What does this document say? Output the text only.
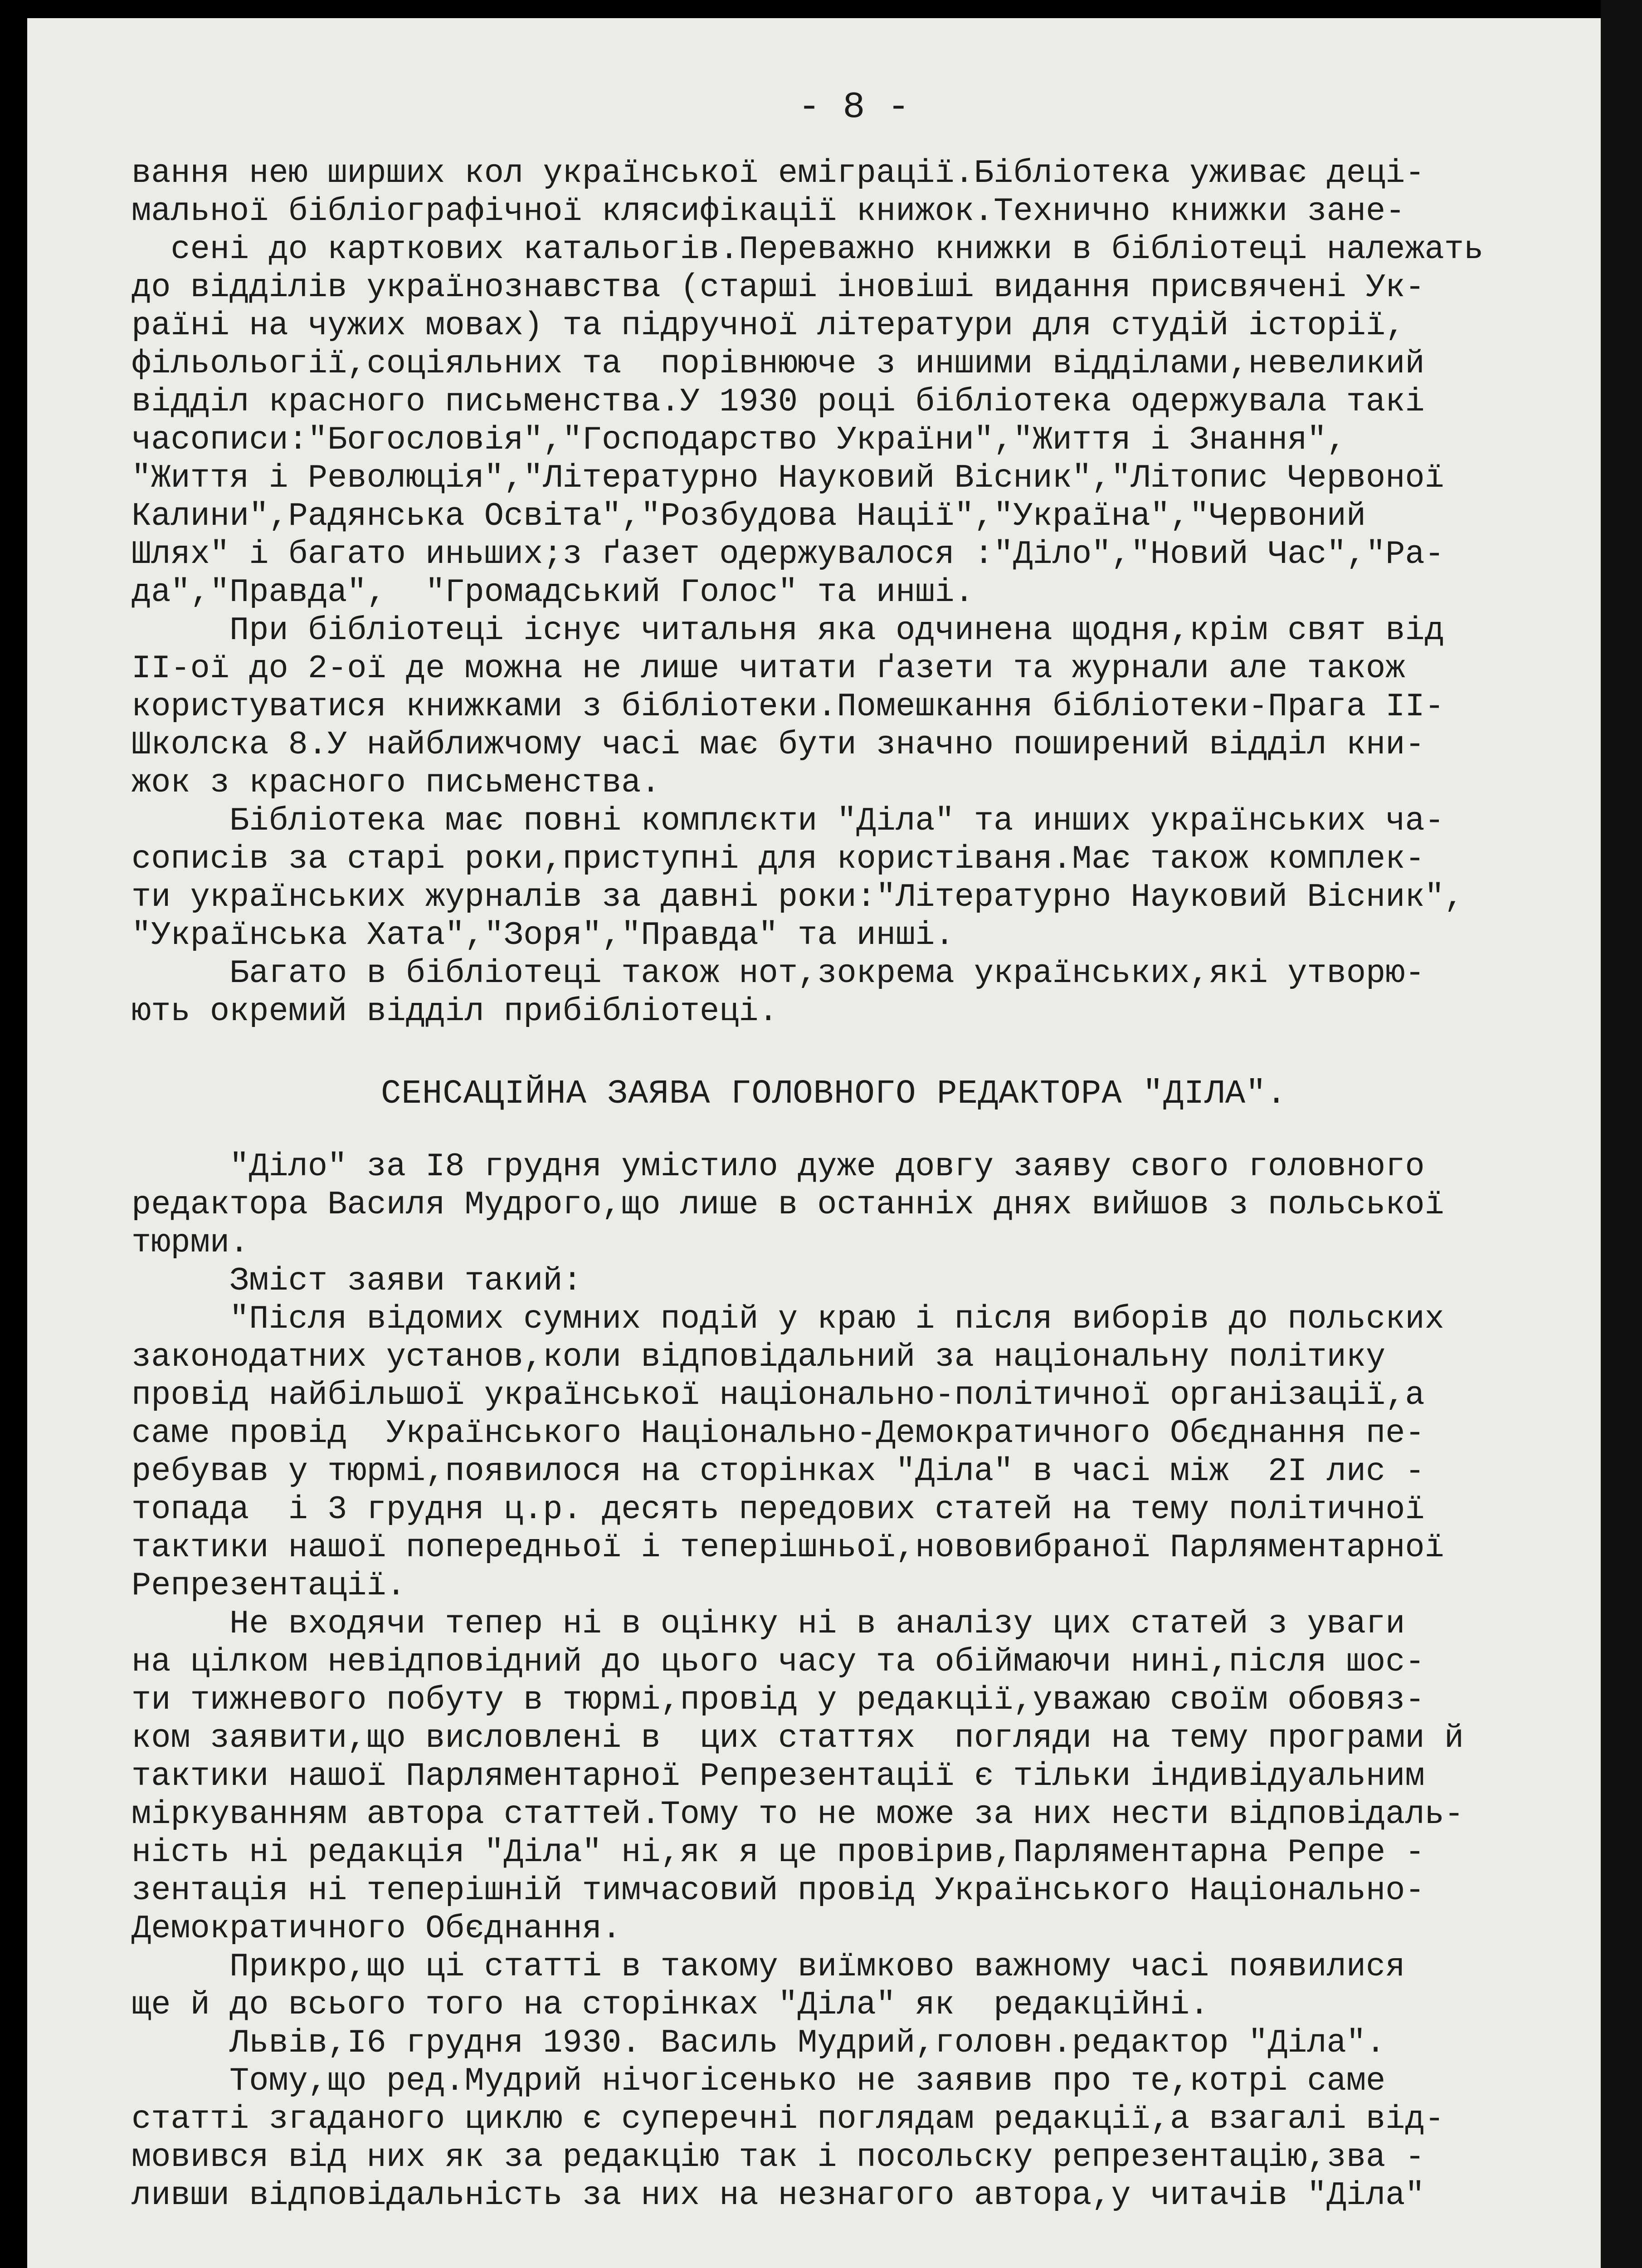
- 8 -
вання нею ширших кол української еміграції.Бібліотека уживає деці-
мальної бібліографічної клясифікації книжок.Технично книжки зане-
сені до карткових катальогів.Переважно книжки в бібліотеці належать
до відділів українознавства (старші іновіші видання присвячені Ук-
раїні на чужих мовах) та підручної літератури для студій історії,
фільольогії,соціяльних та  порівнююче з иншими відділами,невеликий
відділ красного письменства.У 1930 році бібліотека одержувала такі
часописи:"Богословія","Господарство України","Життя і Знання",
"Життя і Революція","Літературно Науковий Вісник","Літопис Червоної
Калини",Радянська Освіта","Розбудова Нації","Україна","Червоний
Шлях" і багато иньших;з ґазет одержувалося :"Діло","Новий Час","Ра-
да","Правда",  "Громадський Голос" та инші.
При бібліотеці існує читальня яка одчинена щодня,крім свят від
II-ої до 2-ої де можна не лише читати ґазети та журнали але також
користуватися книжками з бібліотеки.Помешкання бібліотеки-Прага II-
Школска 8.У найближчому часі має бути значно поширений відділ кни-
жок з красного письменства.
Бібліотека має повні комплєкти "Діла" та инших українських ча-
сописів за старі роки,приступні для користіваня.Має також комплек-
ти українських журналів за давні роки:"Літературно Науковий Вісник",
"Українська Хата","Зоря","Правда" та инші.
Багато в бібліотеці також нот,зокрема українських,які утворю-
ють окремий відділ прибібліотеці.
СЕНСАЦІЙНА ЗАЯВА ГОЛОВНОГО РЕДАКТОРА "ДІЛА".
"Діло" за I8 грудня умістило дуже довгу заяву свого головного
редактора Василя Мудрого,що лише в останніх днях вийшов з польської
тюрми.
Зміст заяви такий:
"Після відомих сумних подій у краю і після виборів до польских
законодатних установ,коли відповідальний за національну політику
провід найбільшої української національно-політичної організації,а
саме провід  Українського Національно-Демократичного Обєднання пе-
ребував у тюрмі,появилося на сторінках "Діла" в часі між  2I лис -
топада  і 3 грудня ц.р. десять передових статей на тему політичної
тактики нашої попередньої і теперішньої,нововибраної Парляментарної
Репрезентації.
Не входячи тепер ні в оцінку ні в аналізу цих статей з уваги
на цілком невідповідний до цього часу та обіймаючи нині,після шос-
ти тижневого побуту в тюрмі,провід у редакції,уважаю своїм обовяз-
ком заявити,що висловлені в  цих статтях  погляди на тему програми й
тактики нашої Парляментарної Репрезентації є тільки індивідуальним
міркуванням автора статтей.Тому то не може за них нести відповідаль-
ність ні редакція "Діла" ні,як я це провірив,Парляментарна Репре -
зентація ні теперішній тимчасовий провід Українського Національно-
Демократичного Обєднання.
Прикро,що ці статті в такому виїмково важному часі появилися
ще й до всього того на сторінках "Діла" як  редакційні.
Львів,I6 грудня 1930. Василь Мудрий,головн.редактор "Діла".
Тому,що ред.Мудрий нічогісенько не заявив про те,котрі саме
статті згаданого циклю є суперечні поглядам редакції,а взагалі від-
мовився від них як за редакцію так і посольску репрезентацію,зва -
ливши відповідальність за них на незнагого автора,у читачів "Діла"
